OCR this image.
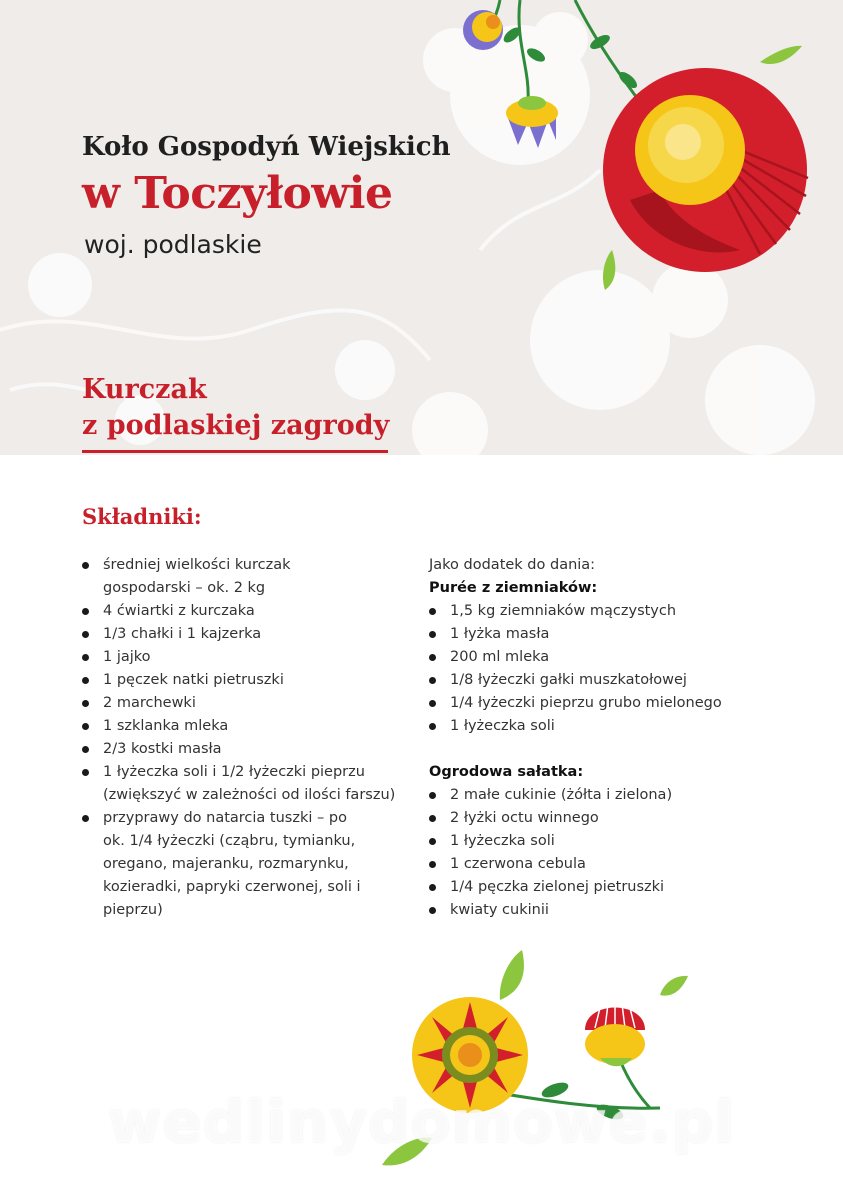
Koło Gospodyń Wiejskich
w Toczyłowie

woj. podlaskie

Kurczak
z podlaskiej zagrody
Składniki:
średniej wielkości kurczak gospodarski – ok. 2 kg
4 ćwiartki z kurczaka
1/3 chałki i 1 kajzerka
1 jajko
1 pęczek natki pietruszki
2 marchewki
1 szklanka mleka
2/3 kostki masła
1 łyżeczka soli i 1/2 łyżeczki pieprzu (zwiększyć w zależności od ilości farszu)
przyprawy do natarcia tuszki – po ok. 1/4 łyżeczki (cząbru, tymianku, oregano, majeranku, rozmarynku, kozieradki, papryki czerwonej, soli i pieprzu)

Jako dodatek do dania:

Purée z ziemniaków:

1,5 kg ziemniaków mączystych
1 łyżka masła
200 ml mleka
1/8 łyżeczki gałki muszkatołowej
1/4 łyżeczki pieprzu grubo mielonego
1 łyżeczka soli

Ogrodowa sałatka:

2 małe cukinie (żółta i zielona)
2 łyżki octu winnego
1 łyżeczka soli
1 czerwona cebula
1/4 pęczka zielonej pietruszki
kwiaty cukinii
wedlinydomowe.pl
